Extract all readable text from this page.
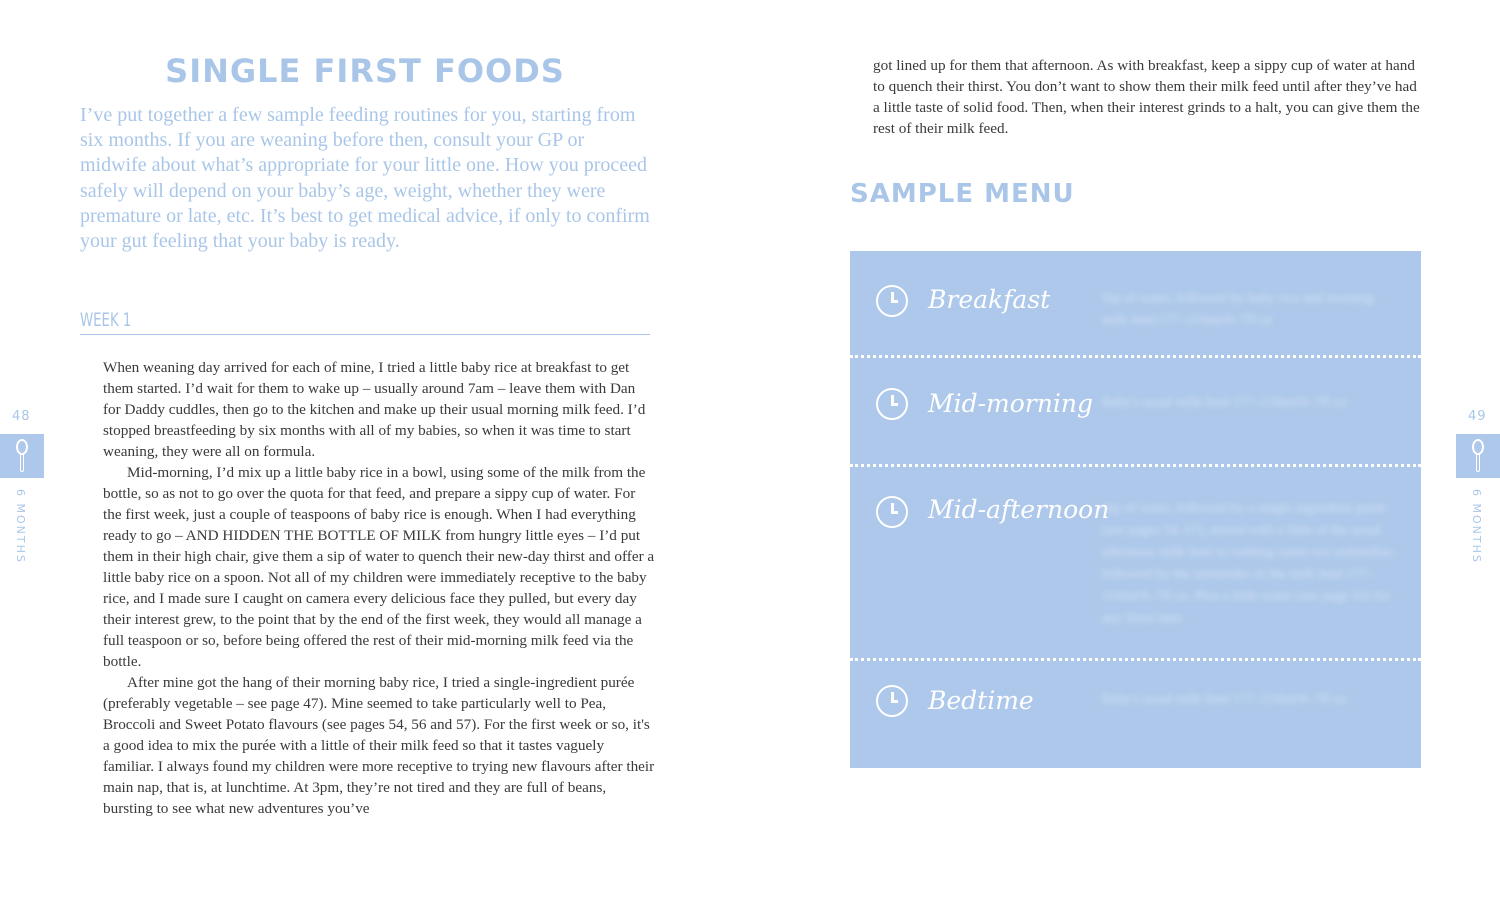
SINGLE FIRST FOODS

I’ve put together a few sample feeding routines for you, starting from six months. If you are weaning before then, consult your GP or midwife about what’s appropriate for your little one. How you proceed safely will depend on your baby’s age, weight, whether they were premature or late, etc. It’s best to get medical advice, if only to confirm your gut feeling that your baby is ready.

WEEK 1

When weaning day arrived for each of mine, I tried a little baby rice at breakfast to get them started. I’d wait for them to wake up – usually around 7am – leave them with Dan for Daddy cuddles, then go to the kitchen and make up their usual morning milk feed. I’d stopped breastfeeding by six months with all of my babies, so when it was time to start weaning, they were all on formula.

Mid-morning, I’d mix up a little baby rice in a bowl, using some of the milk from the bottle, so as not to go over the quota for that feed, and prepare a sippy cup of water. For the first week, just a couple of teaspoons of baby rice is enough. When I had everything ready to go – AND HIDDEN THE BOTTLE OF MILK from hungry little eyes – I’d put them in their high chair, give them a sip of water to quench their new-day thirst and offer a little baby rice on a spoon. Not all of my children were immediately receptive to the baby rice, and I made sure I caught on camera every delicious face they pulled, but every day their interest grew, to the point that by the end of the first week, they would all manage a full teaspoon or so, before being offered the rest of their mid-morning milk feed via the bottle.

After mine got the hang of their morning baby rice, I tried a single-ingredient purée (preferably vegetable – see page 47). Mine seemed to take particularly well to Pea, Broccoli and Sweet Potato flavours (see pages 54, 56 and 57). For the first week or so, it's a good idea to mix the purée with a little of their milk feed so that it tastes vaguely familiar. I always found my children were more receptive to trying new flavours after their main nap, that is, at lunchtime. At 3pm, they’re not tired and they are full of beans, bursting to see what new adventures you’ve

48
6 MONTHS

got lined up for them that afternoon. As with breakfast, keep a sippy cup of water at hand to quench their thirst. You don’t want to show them their milk feed until after they’ve had a little taste of solid food. Then, when their interest grinds to a halt, you can give them the rest of their milk feed.

SAMPLE MENU
Breakfast	Sip of water, followed by baby rice and morning milk feed 177–210ml/6–7fl oz
Mid-morning Baby's usual milk feed 177–210ml/6–7fl oz
Mid-afternoon
Sip of water, followed by a single-ingredient purée (see pages 54–57), mixed with a little of the usual afternoon milk feed so nothing tastes too unfamiliar, followed by the remainder of the milk feed 177–210ml/6–7fl oz. Plus a little water (see page 33) for any thirst later
Bedtime	Baby's usual milk feed 177–210ml/6–7fl oz
49
6 MONTHS
